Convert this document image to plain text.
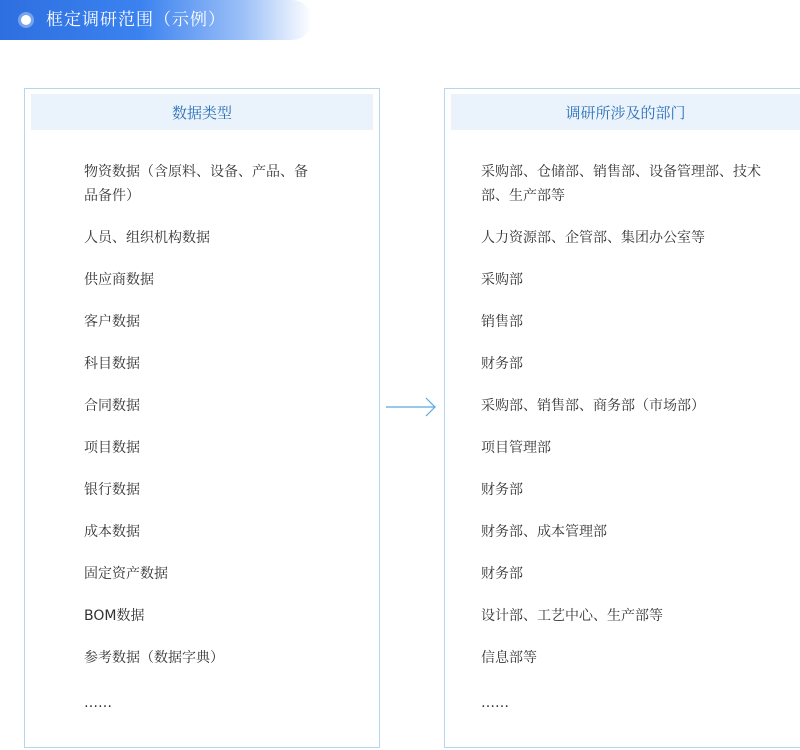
框定调研范围（示例）
数据类型
物资数据（含原料、设备、产品、备品备件）
人员、组织机构数据
供应商数据
客户数据
科目数据
合同数据
项目数据
银行数据
成本数据
固定资产数据
BOM数据
参考数据（数据字典）
……
调研所涉及的部门
采购部、仓储部、销售部、设备管理部、技术部、生产部等
人力资源部、企管部、集团办公室等
采购部
销售部
财务部
采购部、销售部、商务部（市场部）
项目管理部
财务部
财务部、成本管理部
财务部
设计部、工艺中心、生产部等
信息部等
……
